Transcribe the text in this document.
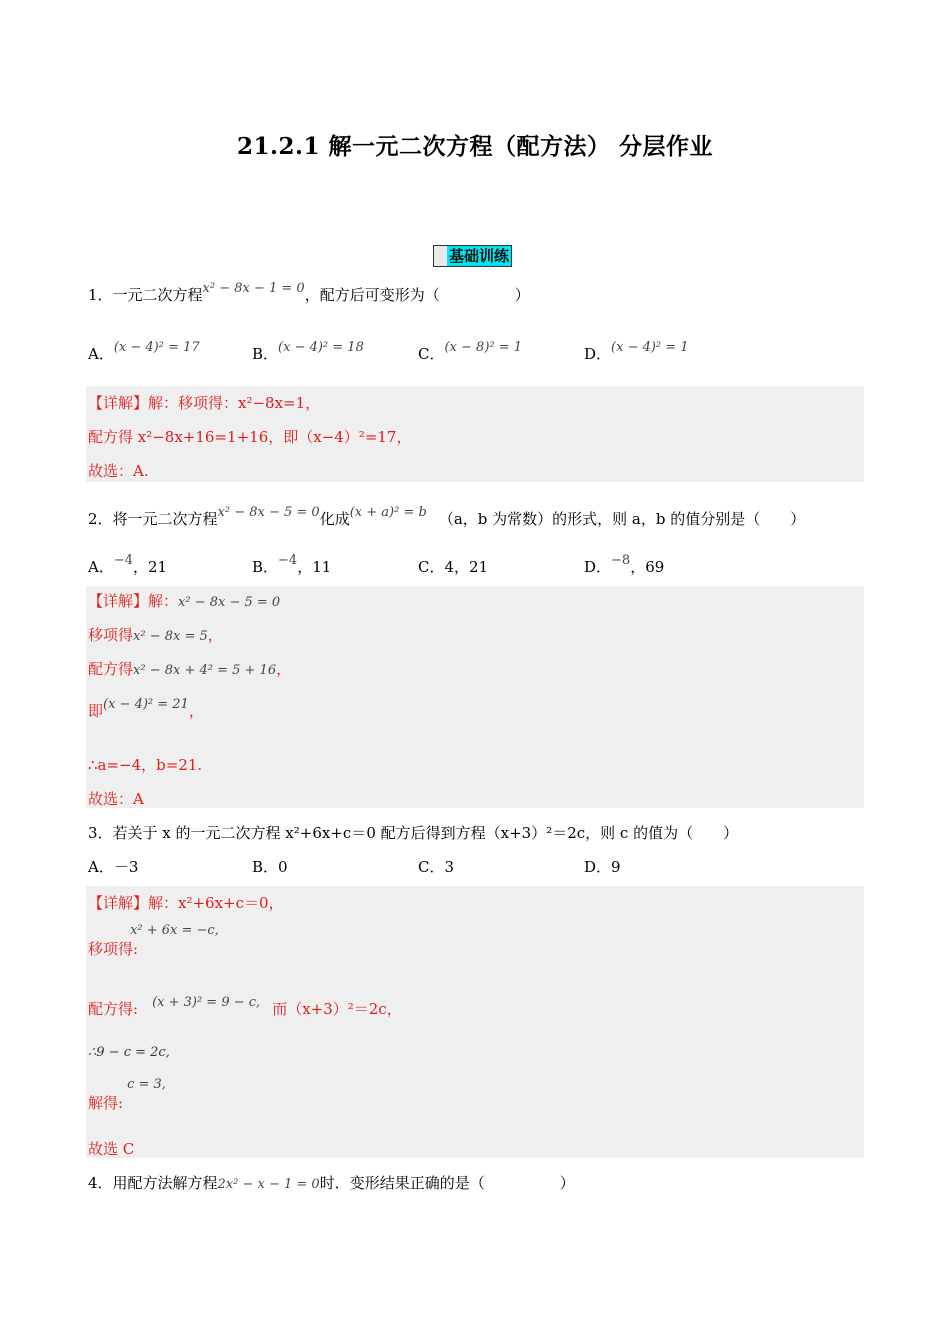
21.2.1 解一元二次方程（配方法） 分层作业
基础训练
1．一元二次方程x² − 8x − 1 = 0，配方后可变形为（　　　　　）
A．(x − 4)² = 17	B．(x − 4)² = 18	C．(x − 8)² = 1	D．(x − 4)² = 1
【详解】解：移项得：x²−8x=1，
配方得 x²−8x+16=1+16，即（x−4）²=17，
故选：A.
2．将一元二次方程x² − 8x − 5 = 0化成(x + a)² = b （a，b 为常数）的形式，则 a，b 的值分别是（　　）
A．−4，21	B．−4，11	C．4，21	D．−8，69
【详解】解：x² − 8x − 5 = 0
移项得x² − 8x = 5，
配方得x² − 8x + 4² = 5 + 16，
即(x − 4)² = 21，
∴a=−4，b=21.
故选：A
3．若关于 x 的一元二次方程 x²+6x+c＝0 配方后得到方程（x+3）²＝2c，则 c 的值为（　　）
A．－3	B．0	C．3	D．9
【详解】解：x²+6x+c＝0，
移项得:x² + 6x = −c,
配方得: (x + 3)² = 9 − c, 而（x+3）²＝2c，
∴9 − c = 2c,
解得:c = 3,
故选 C
4．用配方法解方程2x² − x − 1 = 0时．变形结果正确的是（　　　　　）
